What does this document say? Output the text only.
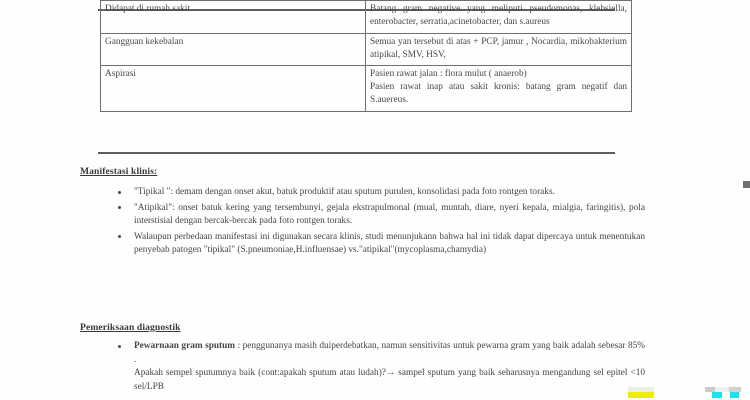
Didapat di rumah sakit	Batang gram negative yang meliputi pseudomonas, klebsiella, enterobacter, serratia,acinetobacter, dan s.aureus

Gangguan kekebalan	Semua yan tersebut di atas + PCP, jamur , Nocardia, mikobakterium atipikal, SMV, HSV,

Aspirasi	Pasien rawat jalan : flora mulut ( anaerob)
Pasien rawat inap atau sakit kronis: batang gram negatif dan S.auereus.
Manifestasi klinis:

"Tipikal ": demam dengan onset akut, batuk produktif atau sputum purulen, konsolidasi pada foto rontgen toraks.

"Atipikal": onset batuk kering yang tersembunyi, gejala ekstrapulmonal (mual, muntah, diare, nyeri kepala, mialgia, faringitis), pola interstisial dengan bercak-bercak pada foto rontgen toraks.

Walaupun perbedaan manifestasi ini digunakan secara klinis, studi menunjukann bahwa hal ini tidak dapat dipercaya untuk menentukan penyebab patogen "tipikal" (S.pneumoniae,H.influensae) vs."atipikal"(mycoplasma,chamydia)

Pemeriksaan diagnostik

Pewarnaan gram sputum : penggunanya masih duiperdebatkan, namun sensitivitas untuk pewarna gram yang baik adalah sebesar 85% .

Apakah sempel sputumnya baik (cont:apakah sputum atau ludah)?→ sampel sputum yang baik seharusnya mengandung sel epitel <10 sel/LPB
